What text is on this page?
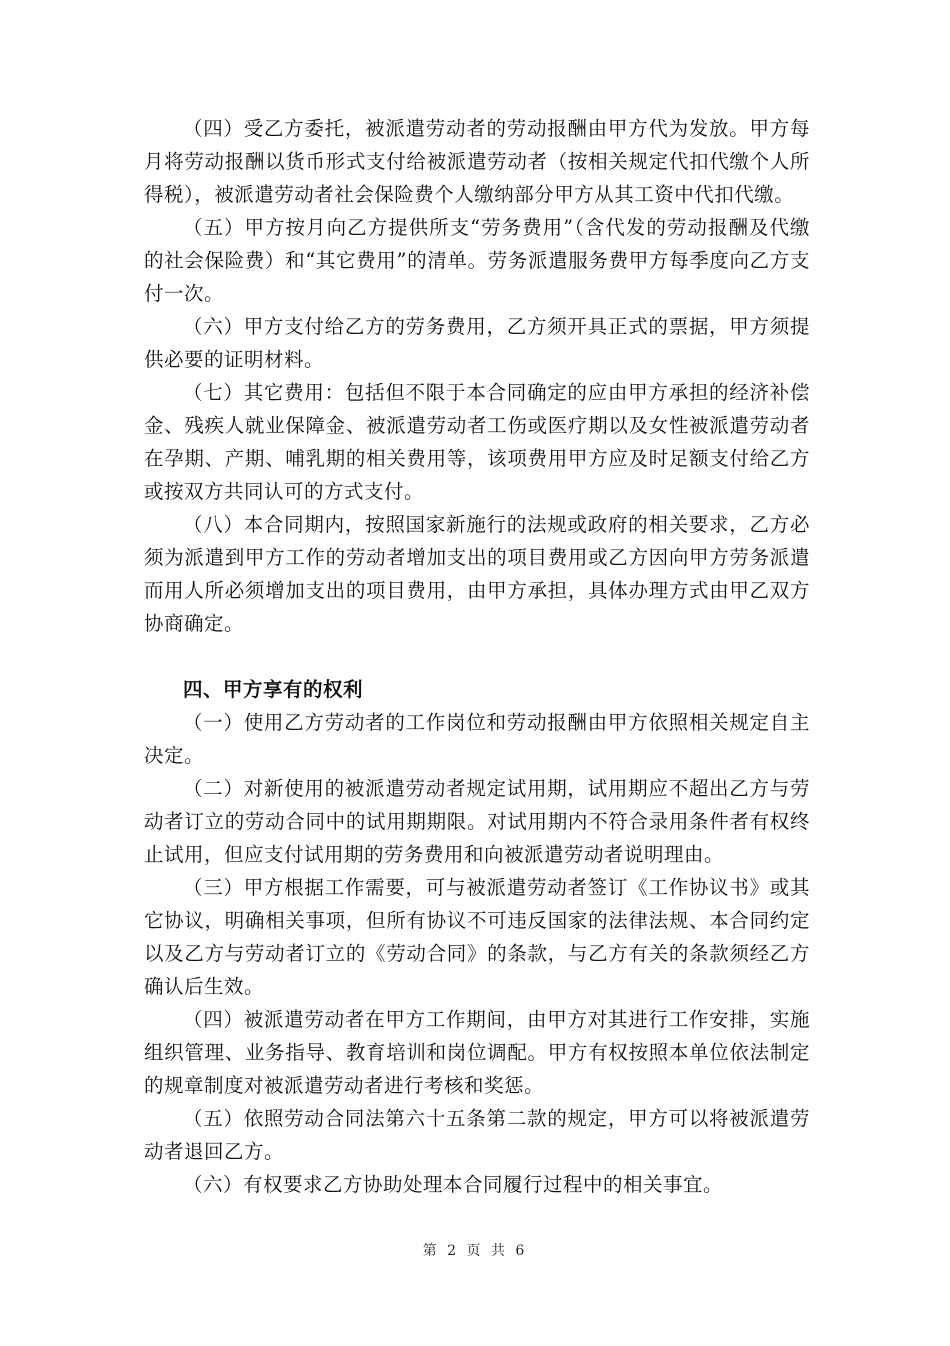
（四）受乙方委托，被派遣劳动者的劳动报酬由甲方代为发放。甲方每月将劳动报酬以货币形式支付给被派遣劳动者（按相关规定代扣代缴个人所得税），被派遣劳动者社会保险费个人缴纳部分甲方从其工资中代扣代缴。

（五）甲方按月向乙方提供所支“劳务费用”（含代发的劳动报酬及代缴的社会保险费）和“其它费用”的清单。劳务派遣服务费甲方每季度向乙方支付一次。

（六）甲方支付给乙方的劳务费用，乙方须开具正式的票据，甲方须提供必要的证明材料。

（七）其它费用：包括但不限于本合同确定的应由甲方承担的经济补偿金、残疾人就业保障金、被派遣劳动者工伤或医疗期以及女性被派遣劳动者在孕期、产期、哺乳期的相关费用等，该项费用甲方应及时足额支付给乙方或按双方共同认可的方式支付。

（八）本合同期内，按照国家新施行的法规或政府的相关要求，乙方必须为派遣到甲方工作的劳动者增加支出的项目费用或乙方因向甲方劳务派遣而用人所必须增加支出的项目费用，由甲方承担，具体办理方式由甲乙双方协商确定。

四、甲方享有的权利

（一）使用乙方劳动者的工作岗位和劳动报酬由甲方依照相关规定自主决定。

（二）对新使用的被派遣劳动者规定试用期，试用期应不超出乙方与劳动者订立的劳动合同中的试用期期限。对试用期内不符合录用条件者有权终止试用，但应支付试用期的劳务费用和向被派遣劳动者说明理由。

（三）甲方根据工作需要，可与被派遣劳动者签订《工作协议书》或其它协议，明确相关事项，但所有协议不可违反国家的法律法规、本合同约定以及乙方与劳动者订立的《劳动合同》的条款，与乙方有关的条款须经乙方确认后生效。

（四）被派遣劳动者在甲方工作期间，由甲方对其进行工作安排，实施组织管理、业务指导、教育培训和岗位调配。甲方有权按照本单位依法制定的规章制度对被派遣劳动者进行考核和奖惩。

（五）依照劳动合同法第六十五条第二款的规定，甲方可以将被派遣劳动者退回乙方。

（六）有权要求乙方协助处理本合同履行过程中的相关事宜。

第 2 页 共 6
